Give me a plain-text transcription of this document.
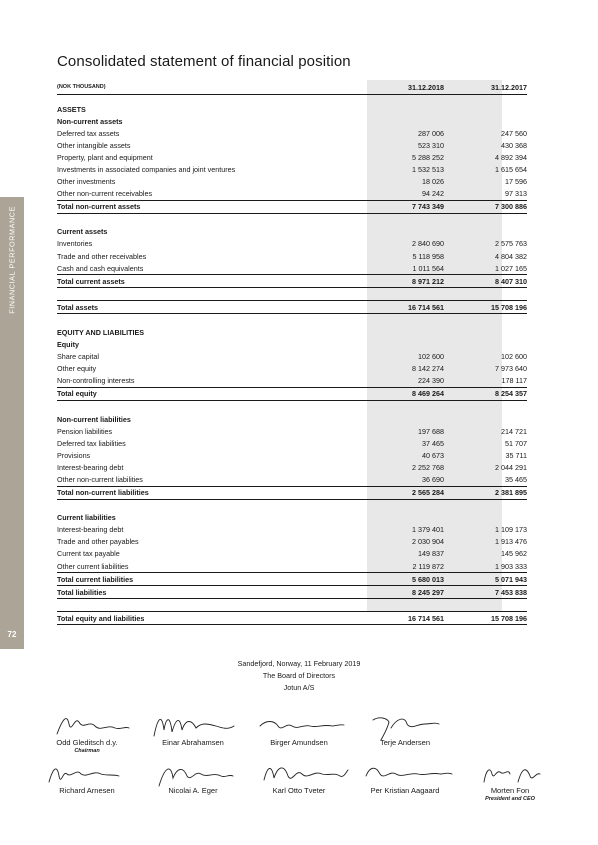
FINANCIAL PERFORMANCE
72
Consolidated statement of financial position
(NOK THOUSAND)	31.12.2018	31.12.2017
ASSETS
Non-current assets
Deferred tax assets	287 006	247 560
Other intangible assets	523 310	430 368
Property, plant and equipment	5 288 252	4 892 394
Investments in associated companies and joint ventures	1 532 513	1 615 654
Other investments	18 026	17 596
Other non-current receivables	94 242	97 313
Total non-current assets	7 743 349	7 300 886
Current assets
Inventories	2 840 690	2 575 763
Trade and other receivables	5 118 958	4 804 382
Cash and cash equivalents	1 011 564	1 027 165
Total current assets	8 971 212	8 407 310
Total assets	16 714 561	15 708 196
EQUITY AND LIABILITIES
Equity
Share capital	102 600	102 600
Other equity	8 142 274	7 973 640
Non-controlling interests	224 390	178 117
Total equity	8 469 264	8 254 357
Non-current liabilities
Pension liabilities	197 688	214 721
Deferred tax liabilities	37 465	51 707
Provisions	40 673	35 711
Interest-bearing debt	2 252 768	2 044 291
Other non-current liabilities	36 690	35 465
Total non-current liabilities	2 565 284	2 381 895
Current liabilities
Interest-bearing debt	1 379 401	1 109 173
Trade and other payables	2 030 904	1 913 476
Current tax payable	149 837	145 962
Other current liabilities	2 119 872	1 903 333
Total current liabilities	5 680 013	5 071 943
Total liabilities	8 245 297	7 453 838
Total equity and liabilities	16 714 561	15 708 196
Sandefjord, Norway, 11 February 2019
The Board of Directors
Jotun A/S
Odd Gleditsch d.y.
Chairman
Einar Abrahamsen	Birger Amundsen	Terje Andersen
Richard Arnesen	Nicolai A. Eger	Karl Otto Tveter	Per Kristian Aagaard	Morten Fon
President and CEO
